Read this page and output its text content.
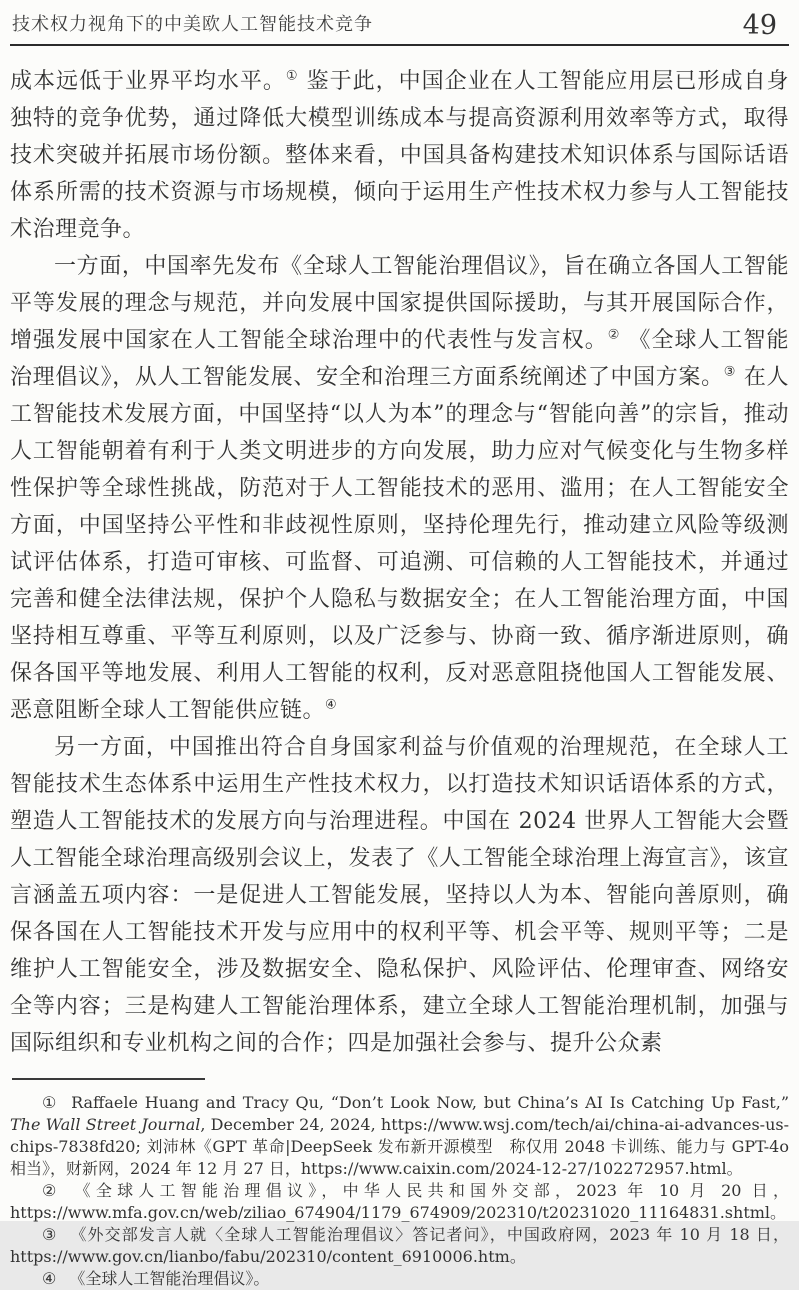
技术权力视角下的中美欧人工智能技术竞争	49

成本远低于业界平均水平。① 鉴于此，中国企业在人工智能应用层已形成自身独特的竞争优势，通过降低大模型训练成本与提高资源利用效率等方式，取得技术突破并拓展市场份额。整体来看，中国具备构建技术知识体系与国际话语体系所需的技术资源与市场规模，倾向于运用生产性技术权力参与人工智能技术治理竞争。

一方面，中国率先发布《全球人工智能治理倡议》，旨在确立各国人工智能平等发展的理念与规范，并向发展中国家提供国际援助，与其开展国际合作，增强发展中国家在人工智能全球治理中的代表性与发言权。② 《全球人工智能治理倡议》，从人工智能发展、安全和治理三方面系统阐述了中国方案。③ 在人工智能技术发展方面，中国坚持“以人为本”的理念与“智能向善”的宗旨，推动人工智能朝着有利于人类文明进步的方向发展，助力应对气候变化与生物多样性保护等全球性挑战，防范对于人工智能技术的恶用、滥用；在人工智能安全方面，中国坚持公平性和非歧视性原则，坚持伦理先行，推动建立风险等级测试评估体系，打造可审核、可监督、可追溯、可信赖的人工智能技术，并通过完善和健全法律法规，保护个人隐私与数据安全；在人工智能治理方面，中国坚持相互尊重、平等互利原则，以及广泛参与、协商一致、循序渐进原则，确保各国平等地发展、利用人工智能的权利，反对恶意阻挠他国人工智能发展、恶意阻断全球人工智能供应链。④

另一方面，中国推出符合自身国家利益与价值观的治理规范，在全球人工智能技术生态体系中运用生产性技术权力，以打造技术知识话语体系的方式，塑造人工智能技术的发展方向与治理进程。中国在 2024 世界人工智能大会暨人工智能全球治理高级别会议上，发表了《人工智能全球治理上海宣言》，该宣言涵盖五项内容：一是促进人工智能发展，坚持以人为本、智能向善原则，确保各国在人工智能技术开发与应用中的权利平等、机会平等、规则平等；二是维护人工智能安全，涉及数据安全、隐私保护、风险评估、伦理审查、网络安全等内容；三是构建人工智能治理体系，建立全球人工智能治理机制，加强与国际组织和专业机构之间的合作；四是加强社会参与、提升公众素

① Raffaele Huang and Tracy Qu, “Don’t Look Now, but China’s AI Is Catching Up Fast,” The Wall Street Journal, December 24, 2024, https://www.wsj.com/tech/ai/china-ai-advances-us-chips-7838fd20; 刘沛林《GPT 革命|DeepSeek 发布新开源模型　称仅用 2048 卡训练、能力与 GPT-4o 相当》，财新网，2024 年 12 月 27 日，https://www.caixin.com/2024-12-27/102272957.html。

② 《全球人工智能治理倡议》，中华人民共和国外交部，2023 年 10 月 20 日，https://www.mfa.gov.cn/web/ziliao_674904/1179_674909/202310/t20231020_11164831.shtml。

③ 《外交部发言人就〈全球人工智能治理倡议〉答记者问》，中国政府网，2023 年 10 月 18 日，https://www.gov.cn/lianbo/fabu/202310/content_6910006.htm。

④ 《全球人工智能治理倡议》。
